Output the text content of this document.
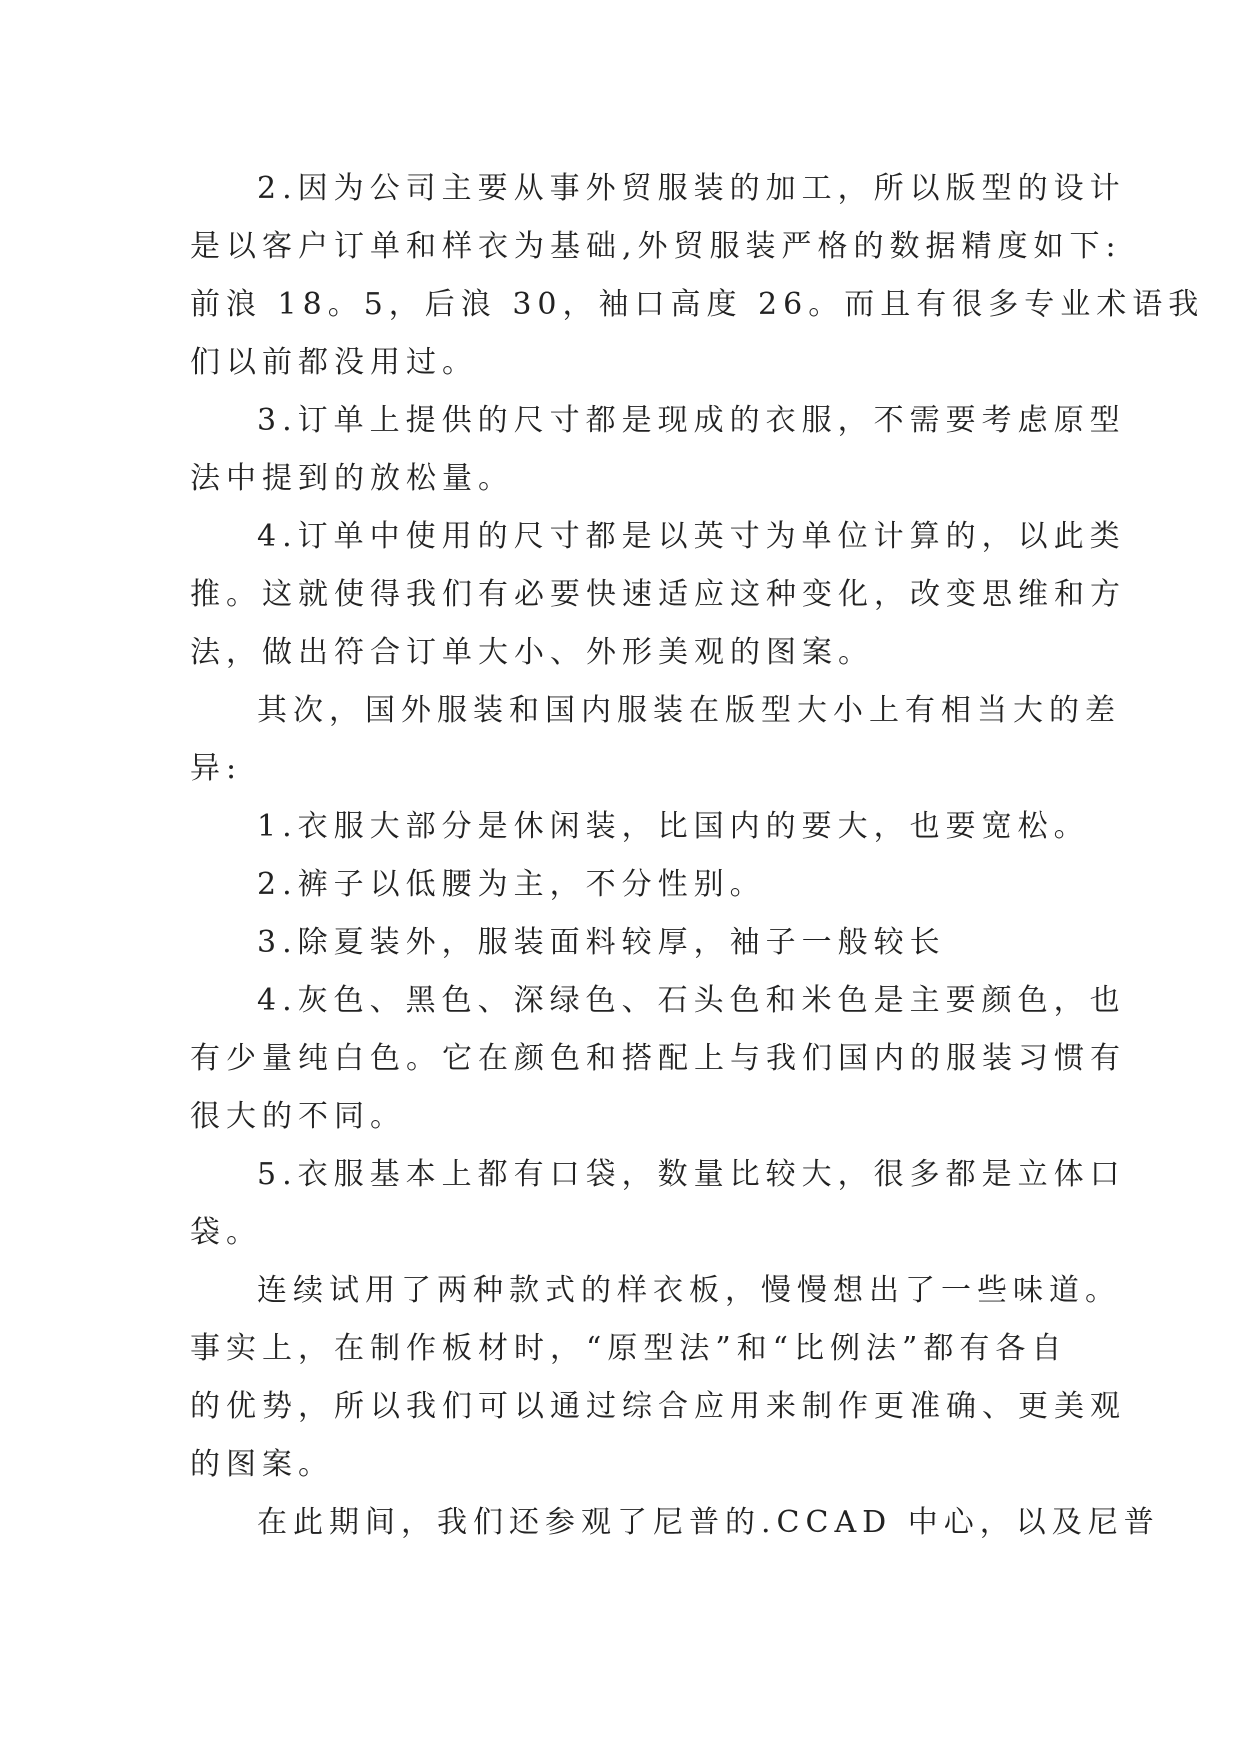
2.因为公司主要从事外贸服装的加工，所以版型的设计

是以客户订单和样衣为基础,外贸服装严格的数据精度如下:

前浪 18。5，后浪 30，袖口高度 26。而且有很多专业术语我

们以前都没用过。

3.订单上提供的尺寸都是现成的衣服，不需要考虑原型

法中提到的放松量。

4.订单中使用的尺寸都是以英寸为单位计算的，以此类

推。这就使得我们有必要快速适应这种变化，改变思维和方

法，做出符合订单大小、外形美观的图案。

其次，国外服装和国内服装在版型大小上有相当大的差

异:

1.衣服大部分是休闲装，比国内的要大，也要宽松。

2.裤子以低腰为主，不分性别。

3.除夏装外，服装面料较厚，袖子一般较长

4.灰色、黑色、深绿色、石头色和米色是主要颜色，也

有少量纯白色。它在颜色和搭配上与我们国内的服装习惯有

很大的不同。

5.衣服基本上都有口袋，数量比较大，很多都是立体口

袋。

连续试用了两种款式的样衣板，慢慢想出了一些味道。

事实上，在制作板材时，“原型法”和“比例法”都有各自

的优势，所以我们可以通过综合应用来制作更准确、更美观

的图案。

在此期间，我们还参观了尼普的.CCAD 中心，以及尼普
